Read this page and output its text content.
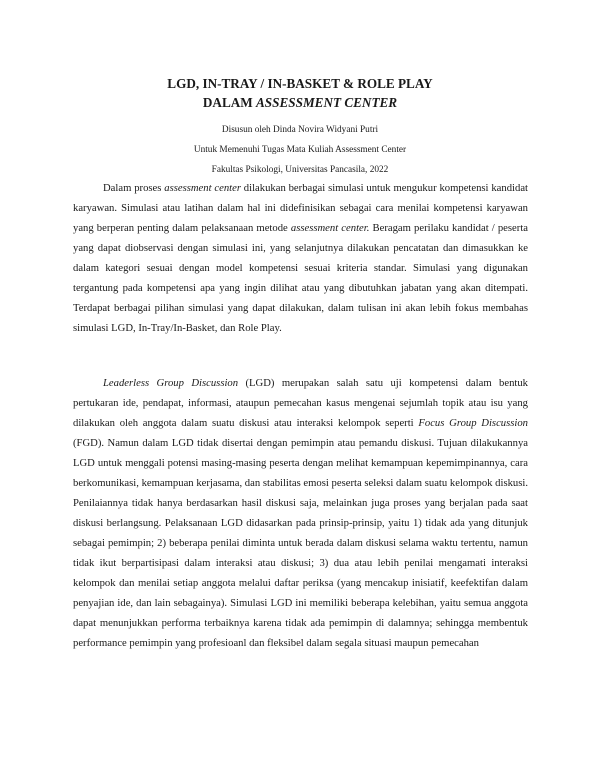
LGD, IN-TRAY / IN-BASKET & ROLE PLAY
DALAM ASSESSMENT CENTER
Disusun oleh Dinda Novira Widyani Putri
Untuk Memenuhi Tugas Mata Kuliah Assessment Center
Fakultas Psikologi, Universitas Pancasila, 2022

Dalam proses assessment center dilakukan berbagai simulasi untuk mengukur kompetensi kandidat karyawan. Simulasi atau latihan dalam hal ini didefinisikan sebagai cara menilai kompetensi karyawan yang berperan penting dalam pelaksanaan metode assessment center. Beragam perilaku kandidat / peserta yang dapat diobservasi dengan simulasi ini, yang selanjutnya dilakukan pencatatan dan dimasukkan ke dalam kategori sesuai dengan model kompetensi sesuai kriteria standar. Simulasi yang digunakan tergantung pada kompetensi apa yang ingin dilihat atau yang dibutuhkan jabatan yang akan ditempati. Terdapat berbagai pilihan simulasi yang dapat dilakukan, dalam tulisan ini akan lebih fokus membahas simulasi LGD, In-Tray/In-Basket, dan Role Play.

Leaderless Group Discussion (LGD) merupakan salah satu uji kompetensi dalam bentuk pertukaran ide, pendapat, informasi, ataupun pemecahan kasus mengenai sejumlah topik atau isu yang dilakukan oleh anggota dalam suatu diskusi atau interaksi kelompok seperti Focus Group Discussion (FGD). Namun dalam LGD tidak disertai dengan pemimpin atau pemandu diskusi. Tujuan dilakukannya LGD untuk menggali potensi masing-masing peserta dengan melihat kemampuan kepemimpinannya, cara berkomunikasi, kemampuan kerjasama, dan stabilitas emosi peserta seleksi dalam suatu kelompok diskusi. Penilaiannya tidak hanya berdasarkan hasil diskusi saja, melainkan juga proses yang berjalan pada saat diskusi berlangsung. Pelaksanaan LGD didasarkan pada prinsip-prinsip, yaitu 1) tidak ada yang ditunjuk sebagai pemimpin; 2) beberapa penilai diminta untuk berada dalam diskusi selama waktu tertentu, namun tidak ikut berpartisipasi dalam interaksi atau diskusi; 3) dua atau lebih penilai mengamati interaksi kelompok dan menilai setiap anggota melalui daftar periksa (yang mencakup inisiatif, keefektifan dalam penyajian ide, dan lain sebagainya). Simulasi LGD ini memiliki beberapa kelebihan, yaitu semua anggota dapat menunjukkan performa terbaiknya karena tidak ada pemimpin di dalamnya; sehingga membentuk performance pemimpin yang profesioanl dan fleksibel dalam segala situasi maupun pemecahan
